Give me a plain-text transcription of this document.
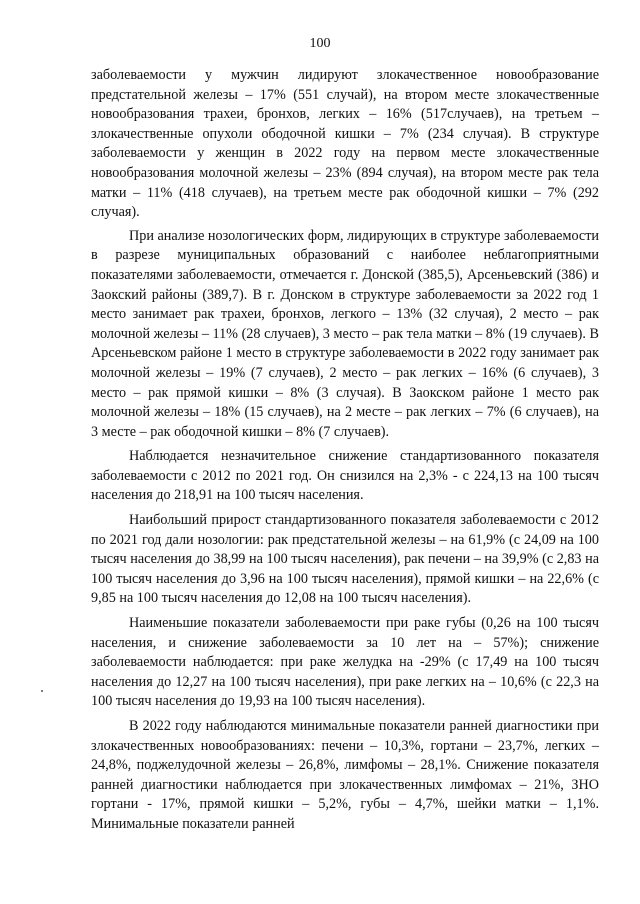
100

заболеваемости у мужчин лидируют злокачественное новообразование предстательной железы – 17% (551 случай), на втором месте злокачественные новообразования трахеи, бронхов, легких – 16% (517случаев), на третьем – злокачественные опухоли ободочной кишки – 7% (234 случая). В структуре заболеваемости у женщин в 2022 году на первом месте злокачественные новообразования молочной железы – 23% (894 случая), на втором месте рак тела матки – 11% (418 случаев), на третьем месте рак ободочной кишки – 7% (292 случая).

При анализе нозологических форм, лидирующих в структуре заболеваемости в разрезе муниципальных образований с наиболее неблагоприятными показателями заболеваемости, отмечается г. Донской (385,5), Арсеньевский (386) и Заокский районы (389,7). В г. Донском в структуре заболеваемости за 2022 год 1 место занимает рак трахеи, бронхов, легкого – 13% (32 случая), 2 место – рак молочной железы – 11% (28 случаев), 3 место – рак тела матки – 8% (19 случаев). В Арсеньевском районе 1 место в структуре заболеваемости в 2022 году занимает рак молочной железы – 19% (7 случаев), 2 место – рак легких – 16% (6 случаев), 3 место – рак прямой кишки – 8% (3 случая). В Заокском районе 1 место рак молочной железы – 18% (15 случаев), на 2 месте – рак легких – 7% (6 случаев), на 3 месте – рак ободочной кишки – 8% (7 случаев).

Наблюдается незначительное снижение стандартизованного показателя заболеваемости с 2012 по 2021 год. Он снизился на 2,3% - с 224,13 на 100 тысяч населения до 218,91 на 100 тысяч населения.

Наибольший прирост стандартизованного показателя заболеваемости с 2012 по 2021 год дали нозологии: рак предстательной железы – на 61,9% (с 24,09 на 100 тысяч населения до 38,99 на 100 тысяч населения), рак печени – на 39,9% (с 2,83 на 100 тысяч населения до 3,96 на 100 тысяч населения), прямой кишки – на 22,6% (с 9,85 на 100 тысяч населения до 12,08 на 100 тысяч населения).

Наименьшие показатели заболеваемости при раке губы (0,26 на 100 тысяч населения, и снижение заболеваемости за 10 лет на – 57%); снижение заболеваемости наблюдается: при раке желудка на -29% (с 17,49 на 100 тысяч населения до 12,27 на 100 тысяч населения), при раке легких на – 10,6% (с 22,3 на 100 тысяч населения до 19,93 на 100 тысяч населения).

В 2022 году наблюдаются минимальные показатели ранней диагностики при злокачественных новообразованиях: печени – 10,3%, гортани – 23,7%, легких – 24,8%, поджелудочной железы – 26,8%, лимфомы – 28,1%. Снижение показателя ранней диагностики наблюдается при злокачественных лимфомах – 21%, ЗНО гортани - 17%, прямой кишки – 5,2%, губы – 4,7%, шейки матки – 1,1%. Минимальные показатели ранней
